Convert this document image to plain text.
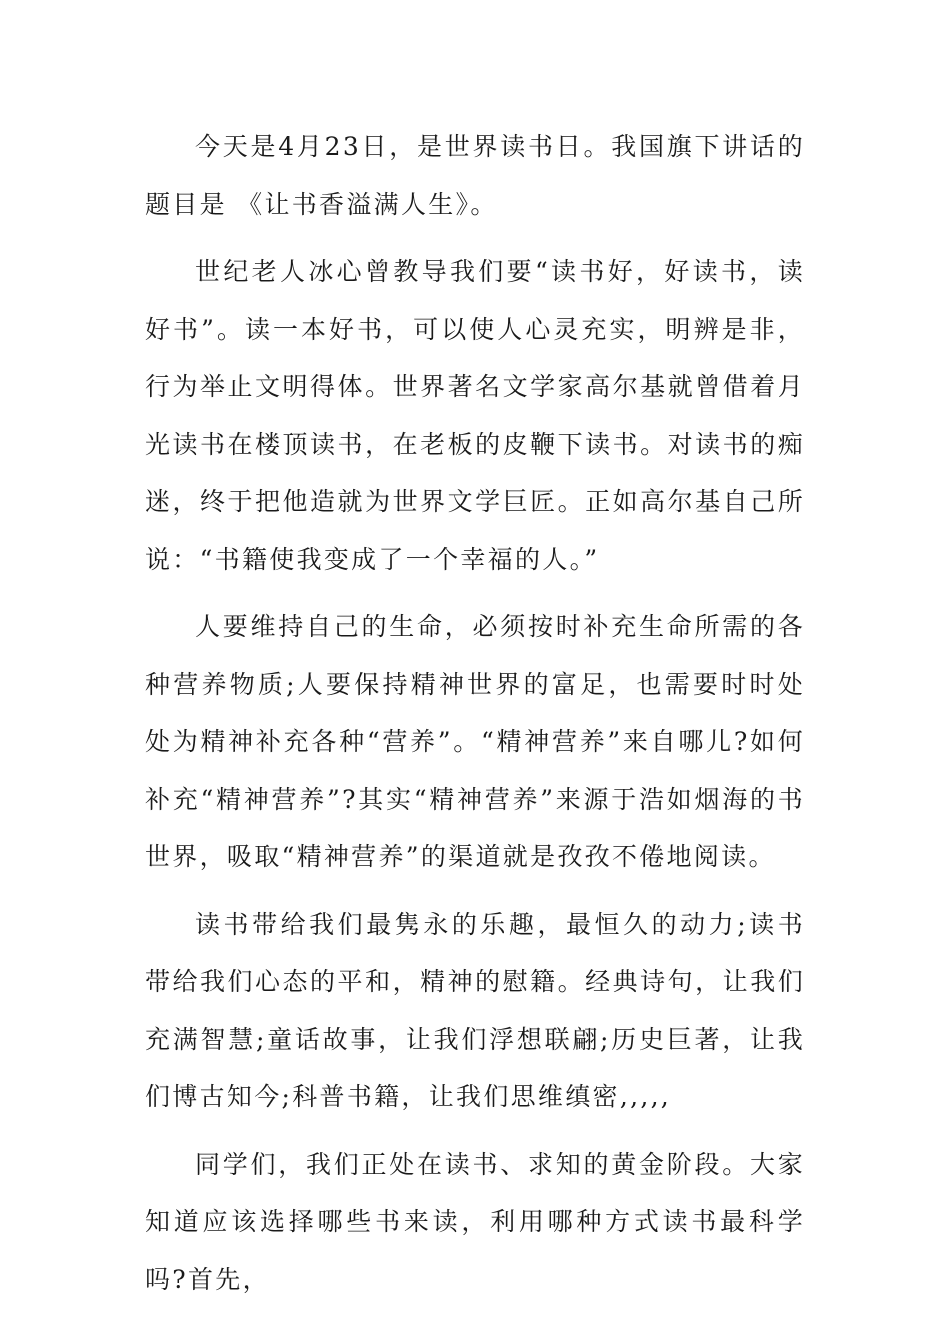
今天是4月23日，是世界读书日。我国旗下讲话的题目是 《让书香溢满人生》。

世纪老人冰心曾教导我们要“读书好，好读书，读好书”。读一本好书，可以使人心灵充实，明辨是非，行为举止文明得体。世界著名文学家高尔基就曾借着月光读书在楼顶读书，在老板的皮鞭下读书。对读书的痴迷，终于把他造就为世界文学巨匠。正如高尔基自己所说：“书籍使我变成了一个幸福的人。”

人要维持自己的生命，必须按时补充生命所需的各种营养物质;人要保持精神世界的富足，也需要时时处处为精神补充各种“营养”。“精神营养”来自哪儿?如何补充“精神营养”?其实“精神营养”来源于浩如烟海的书世界，吸取“精神营养”的渠道就是孜孜不倦地阅读。

读书带给我们最隽永的乐趣，最恒久的动力;读书带给我们心态的平和，精神的慰籍。经典诗句，让我们充满智慧;童话故事，让我们浮想联翩;历史巨著，让我们博古知今;科普书籍，让我们思维缜密,,,,,

同学们，我们正处在读书、求知的黄金阶段。大家知道应该选择哪些书来读，利用哪种方式读书最科学吗?首先，
